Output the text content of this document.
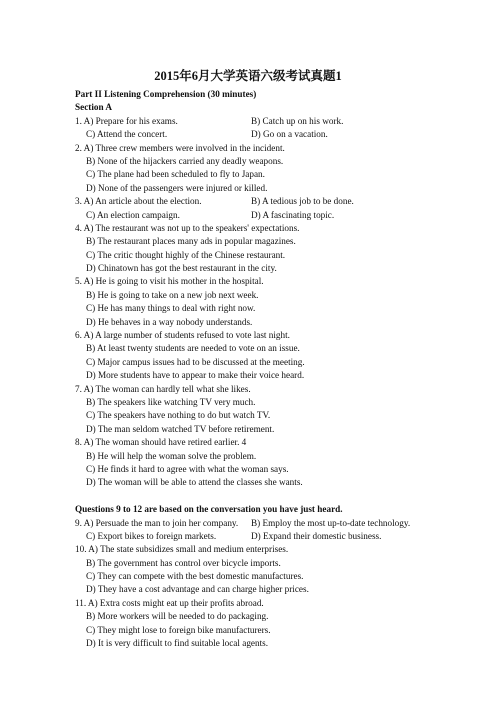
2015年6月大学英语六级考试真题1
Part II Listening Comprehension (30 minutes)
Section A
1. A) Prepare for his exams.	B) Catch up on his work.
C) Attend the concert.	D) Go on a vacation.
2. A) Three crew members were involved in the incident.
B) None of the hijackers carried any deadly weapons.
C) The plane had been scheduled to fly to Japan.
D) None of the passengers were injured or killed.
3. A) An article about the election.	B) A tedious job to be done.
C) An election campaign.	D) A fascinating topic.
4. A) The restaurant was not up to the speakers' expectations.
B) The restaurant places many ads in popular magazines.
C) The critic thought highly of the Chinese restaurant.
D) Chinatown has got the best restaurant in the city.
5. A) He is going to visit his mother in the hospital.
B) He is going to take on a new job next week.
C) He has many things to deal with right now.
D) He behaves in a way nobody understands.
6. A) A large number of students refused to vote last night.
B) At least twenty students are needed to vote on an issue.
C) Major campus issues had to be discussed at the meeting.
D) More students have to appear to make their voice heard.
7. A) The woman can hardly tell what she likes.
B) The speakers like watching TV very much.
C) The speakers have nothing to do but watch TV.
D) The man seldom watched TV before retirement.
8. A) The woman should have retired earlier. 4
B) He will help the woman solve the problem.
C) He finds it hard to agree with what the woman says.
D) The woman will be able to attend the classes she wants.
Questions 9 to 12 are based on the conversation you have just heard.
9. A) Persuade the man to join her company. B) Employ the most up-to-date technology.
C) Export bikes to foreign markets.	D) Expand their domestic business.
10. A) The state subsidizes small and medium enterprises.
B) The government has control over bicycle imports.
C) They can compete with the best domestic manufactures.
D) They have a cost advantage and can charge higher prices.
11. A) Extra costs might eat up their profits abroad.
B) More workers will be needed to do packaging.
C) They might lose to foreign bike manufacturers.
D) It is very difficult to find suitable local agents.
